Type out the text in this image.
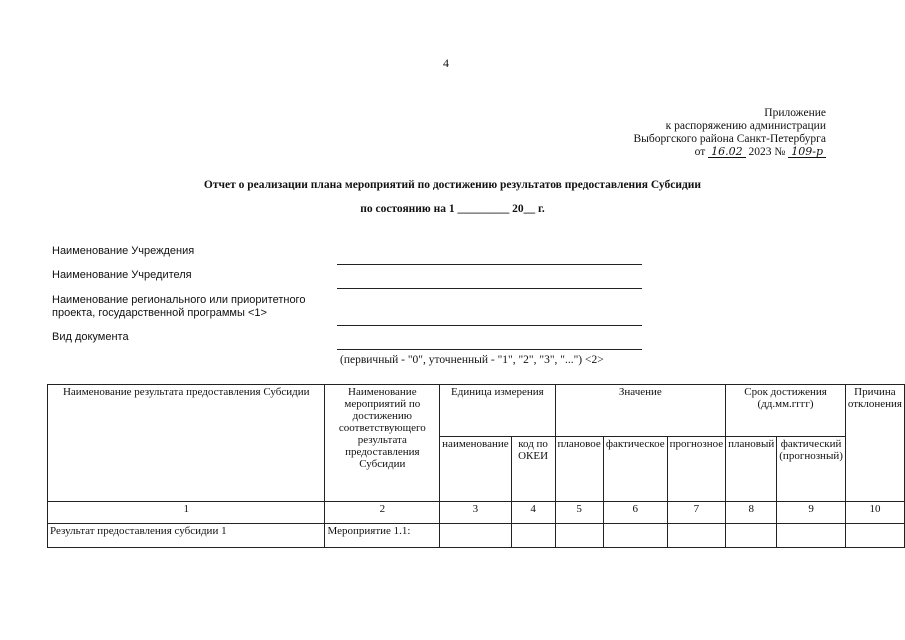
4
Приложение
к распоряжению администрации
Выборгского района Санкт-Петербурга
от 16.02 2023 № 109-р
Отчет о реализации плана мероприятий по достижению результатов предоставления Субсидии
по состоянию на 1 _________ 20__ г.
Наименование Учреждения
Наименование Учредителя
Наименование регионального или приоритетного
проекта, государственной программы <1>
Вид документа
(первичный - "0", уточненный - "1", "2", "3", "...") <2>
Наименование результата предоставления Субсидии	Наименование мероприятий по достижению соответствующего результата предоставления Субсидии	Единица измерения		Значение			Срок достижения (дд.мм.гггг)		Причина отклонения
		наименование	код по ОКЕИ	плановое	фактическое	прогнозное	плановый	фактический (прогнозный)	
1	2	3	4	5	6	7	8	9	10
Результат предоставления субсидии 1	Мероприятие 1.1:								
